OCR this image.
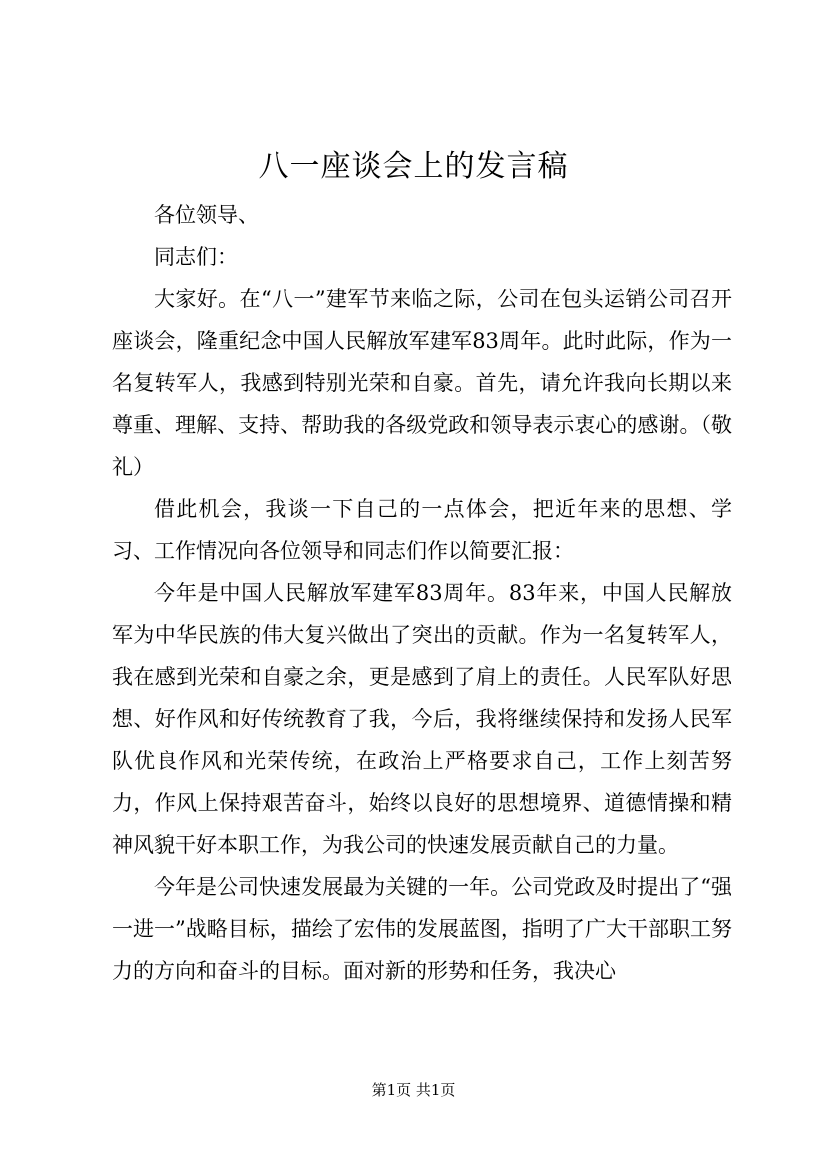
八一座谈会上的发言稿

各位领导、

同志们：

大家好。在“八一”建军节来临之际，公司在包头运销公司召开座谈会，隆重纪念中国人民解放军建军83周年。此时此际，作为一名复转军人，我感到特别光荣和自豪。首先，请允许我向长期以来尊重、理解、支持、帮助我的各级党政和领导表示衷心的感谢。（敬礼）

借此机会，我谈一下自己的一点体会，把近年来的思想、学习、工作情况向各位领导和同志们作以简要汇报：

今年是中国人民解放军建军83周年。83年来，中国人民解放军为中华民族的伟大复兴做出了突出的贡献。作为一名复转军人，我在感到光荣和自豪之余，更是感到了肩上的责任。人民军队好思想、好作风和好传统教育了我，今后，我将继续保持和发扬人民军队优良作风和光荣传统，在政治上严格要求自己，工作上刻苦努力，作风上保持艰苦奋斗，始终以良好的思想境界、道德情操和精神风貌干好本职工作，为我公司的快速发展贡献自己的力量。

今年是公司快速发展最为关键的一年。公司党政及时提出了“强一进一”战略目标，描绘了宏伟的发展蓝图，指明了广大干部职工努力的方向和奋斗的目标。面对新的形势和任务，我决心

第1页 共1页
